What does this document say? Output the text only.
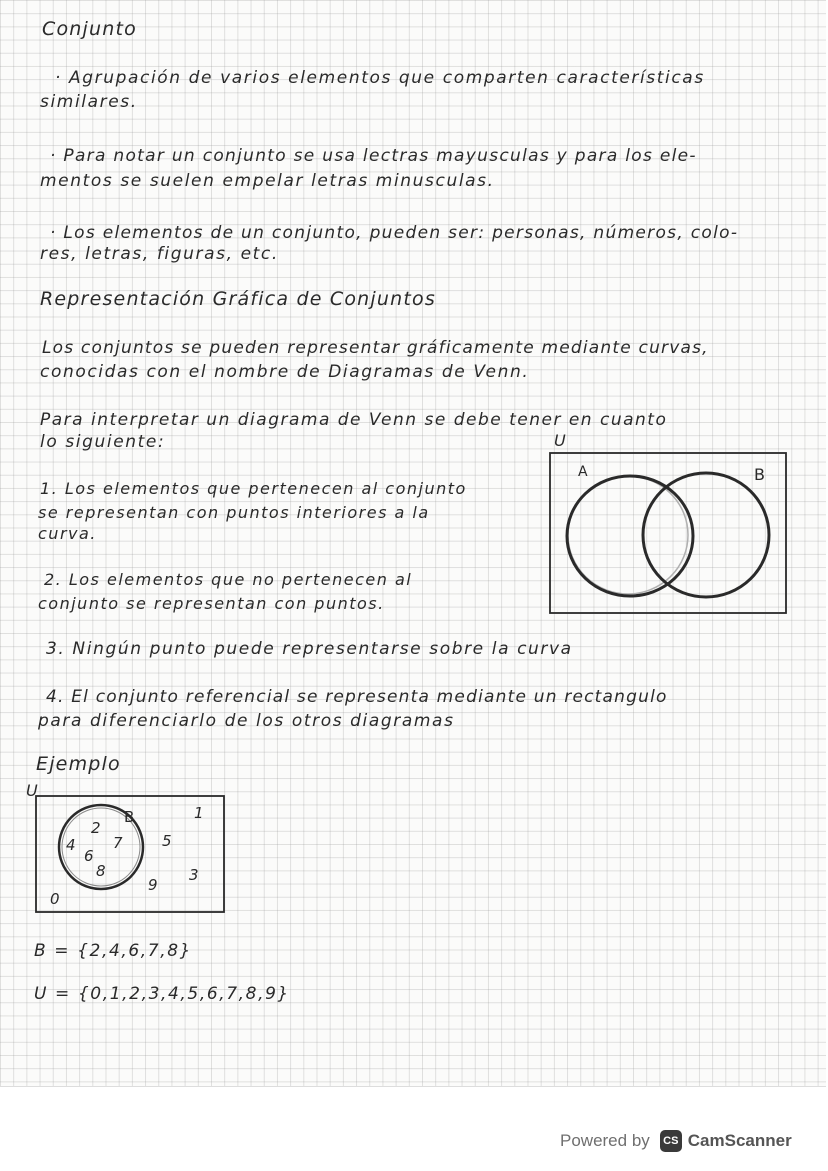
Conjunto

· Agrupación de varios elementos que comparten características

similares.

· Para notar un conjunto se usa lectras mayusculas y para los ele-

mentos se suelen empelar letras minusculas.

· Los elementos de un conjunto, pueden ser: personas, números, colo-

res, letras, figuras, etc.

Representación Gráfica de Conjuntos

Los conjuntos se pueden representar gráficamente mediante curvas,

conocidas con el nombre de Diagramas de Venn.

Para interpretar un diagrama de Venn se debe tener en cuanto

lo siguiente:

1. Los elementos que pertenecen al conjunto

se representan con puntos interiores a la

curva.

2. Los elementos que no pertenecen al

conjunto se representan con puntos.

3. Ningún punto puede representarse sobre la curva

4. El conjunto referencial se representa mediante un rectangulo

para diferenciarlo de los otros diagramas

Ejemplo

B = {2,4,6,7,8}

U = {0,1,2,3,4,5,6,7,8,9}

U
A	B
U
B
2
4
6
7
8
1
5
3
9
0
Powered by	CS CamScanner
